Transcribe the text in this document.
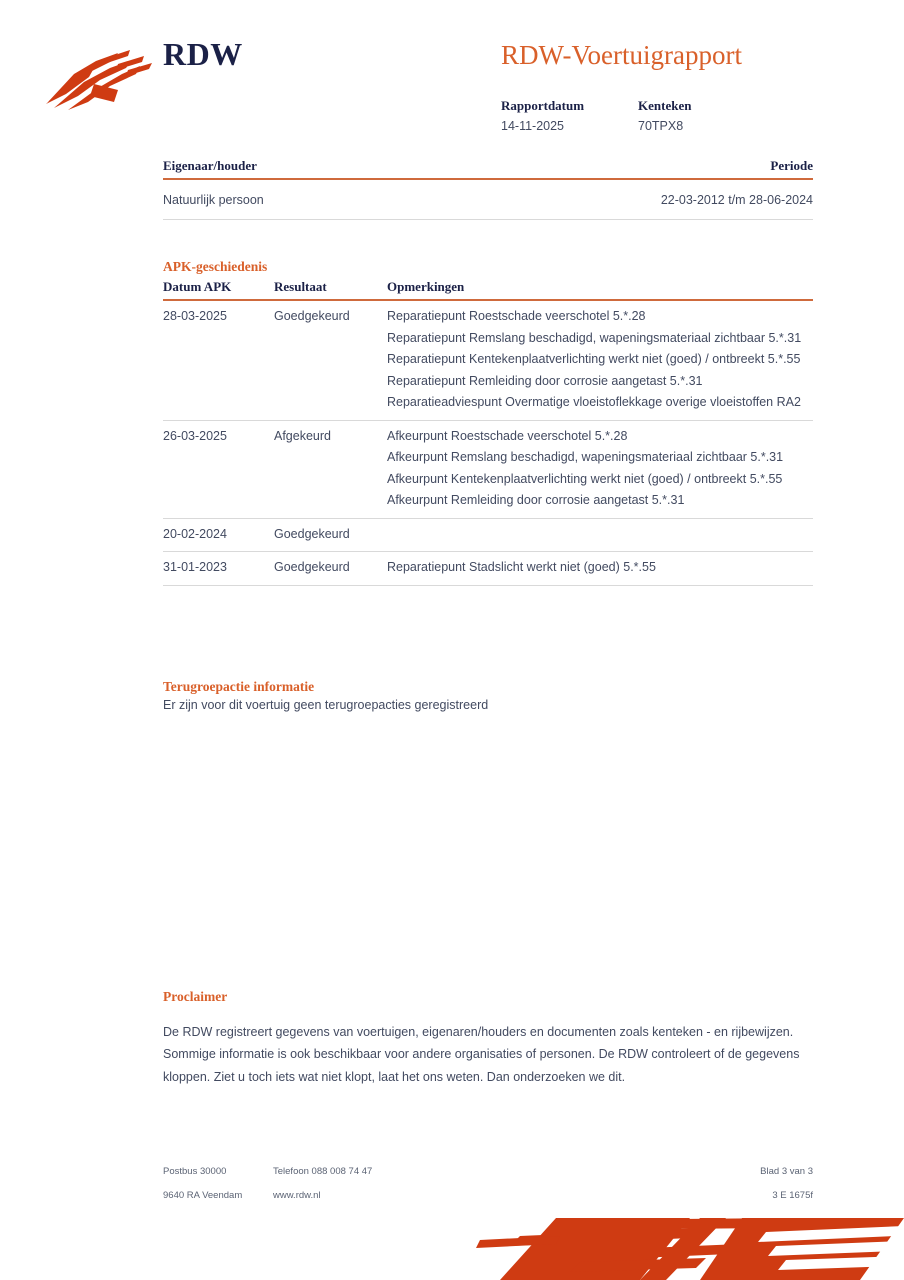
RDW	RDW-Voertuigrapport
Rapportdatum
14-11-2025
Kenteken
70TPX8
Eigenaar/houder	Periode
Natuurlijk persoon	22-03-2012 t/m 28-06-2024
APK-geschiedenis
Datum APK	Resultaat	Opmerkingen
28-03-2025	Goedgekeurd	Reparatiepunt Roestschade veerschotel 5.*.28
Reparatiepunt Remslang beschadigd, wapeningsmateriaal zichtbaar 5.*.31
Reparatiepunt Kentekenplaatverlichting werkt niet (goed) / ontbreekt 5.*.55
Reparatiepunt Remleiding door corrosie aangetast 5.*.31
Reparatieadviespunt Overmatige vloeistoflekkage overige vloeistoffen RA2

26-03-2025	Afgekeurd	Afkeurpunt Roestschade veerschotel 5.*.28
Afkeurpunt Remslang beschadigd, wapeningsmateriaal zichtbaar 5.*.31
Afkeurpunt Kentekenplaatverlichting werkt niet (goed) / ontbreekt 5.*.55
Afkeurpunt Remleiding door corrosie aangetast 5.*.31

20-02-2024	Goedgekeurd	
31-01-2023	Goedgekeurd	Reparatiepunt Stadslicht werkt niet (goed) 5.*.55
Terugroepactie informatie
Er zijn voor dit voertuig geen terugroepacties geregistreerd
Proclaimer
De RDW registreert gegevens van voertuigen, eigenaren/houders en documenten zoals kenteken - en rijbewijzen. Sommige informatie is ook beschikbaar voor andere organisaties of personen. De RDW controleert of de gegevens kloppen. Ziet u toch iets wat niet klopt, laat het ons weten. Dan onderzoeken we dit.
Postbus 30000	Telefoon 088 008 74 47	Blad 3 van 3
9640 RA Veendam	www.rdw.nl	3 E 1675f
